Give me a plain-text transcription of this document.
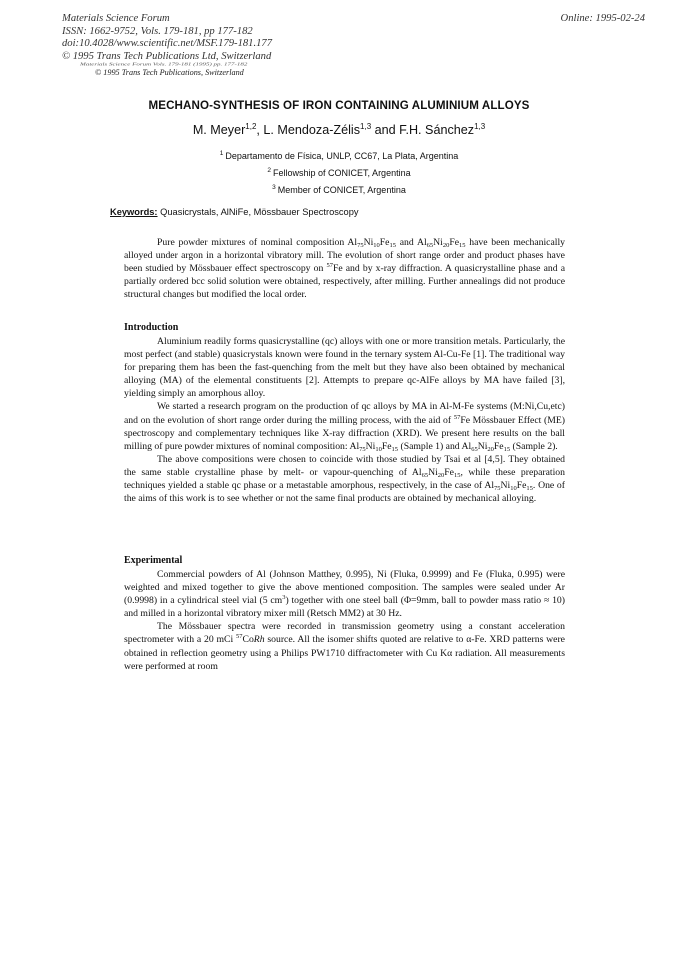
Materials Science Forum
ISSN: 1662-9752, Vols. 179-181, pp 177-182
doi:10.4028/www.scientific.net/MSF.179-181.177
© 1995 Trans Tech Publications Ltd, Switzerland
Online: 1995-02-24
Materials Science Forum Vols. 179-181 (1995) pp. 177-182
© 1995 Trans Tech Publications, Switzerland
MECHANO-SYNTHESIS OF IRON CONTAINING ALUMINIUM ALLOYS
M. Meyer$^{1,2}$, L. Mendoza-Zélis$^{1,3}$ and F.H. Sánchez$^{1,3}$
$^1$ Departamento de Física, UNLP, CC67, La Plata, Argentina
$^2$ Fellowship of CONICET, Argentina
$^3$ Member of CONICET, Argentina
Keywords: Quasicrystals, AlNiFe, Mössbauer Spectroscopy

Pure powder mixtures of nominal composition $Al_{75}Ni_{10}Fe_{15}$ and $Al_{65}Ni_{20}Fe_{15}$ have been mechanically alloyed under argon in a horizontal vibratory mill. The evolution of short range order and product phases have been studied by Mössbauer effect spectroscopy on $^{57}$Fe and by x-ray diffraction. A quasicrystalline phase and a partially ordered bcc solid solution were obtained, respectively, after milling. Further annealings did not produce structural changes but modified the local order.

Introduction

Aluminium readily forms quasicrystalline (qc) alloys with one or more transition metals. Particularly, the most perfect (and stable) quasicrystals known were found in the ternary system Al-Cu-Fe [1]. The traditional way for preparing them has been the fast-quenching from the melt but they have also been obtained by mechanical alloying (MA) of the elemental constituents [2]. Attempts to prepare qc-AlFe alloys by MA have failed [3], yielding simply an amorphous alloy.

We started a research program on the production of qc alloys by MA in Al-M-Fe systems (M:Ni,Cu,etc) and on the evolution of short range order during the milling process, with the aid of $^{57}$Fe Mössbauer Effect (ME) spectroscopy and complementary techniques like X-ray diffraction (XRD). We present here results on the ball milling of pure powder mixtures of nominal composition: $Al_{75}Ni_{10}Fe_{15}$ (Sample 1) and $Al_{65}Ni_{20}Fe_{15}$ (Sample 2).

The above compositions were chosen to coincide with those studied by Tsai et al [4,5]. They obtained the same stable crystalline phase by melt- or vapour-quenching of $Al_{65}Ni_{20}Fe_{15}$, while these preparation techniques yielded a stable qc phase or a metastable amorphous, respectively, in the case of $Al_{75}Ni_{10}Fe_{15}$. One of the aims of this work is to see whether or not the same final products are obtained by mechanical alloying.

Experimental

Commercial powders of Al (Johnson Matthey, 0.995), Ni (Fluka, 0.9999) and Fe (Fluka, 0.995) were weighted and mixed together to give the above mentioned composition. The samples were sealed under Ar (0.9998) in a cylindrical steel vial (5 $cm^3$) together with one steel ball (Φ=9mm, ball to powder mass ratio ≈ 10) and milled in a horizontal vibratory mixer mill (Retsch MM2) at 30 Hz.

The Mössbauer spectra were recorded in transmission geometry using a constant acceleration spectrometer with a 20 mCi $^{57}$CoRh source. All the isomer shifts quoted are relative to α-Fe. XRD patterns were obtained in reflection geometry using a Philips PW1710 diffractometer with Cu Kα radiation. All measurements were performed at room
